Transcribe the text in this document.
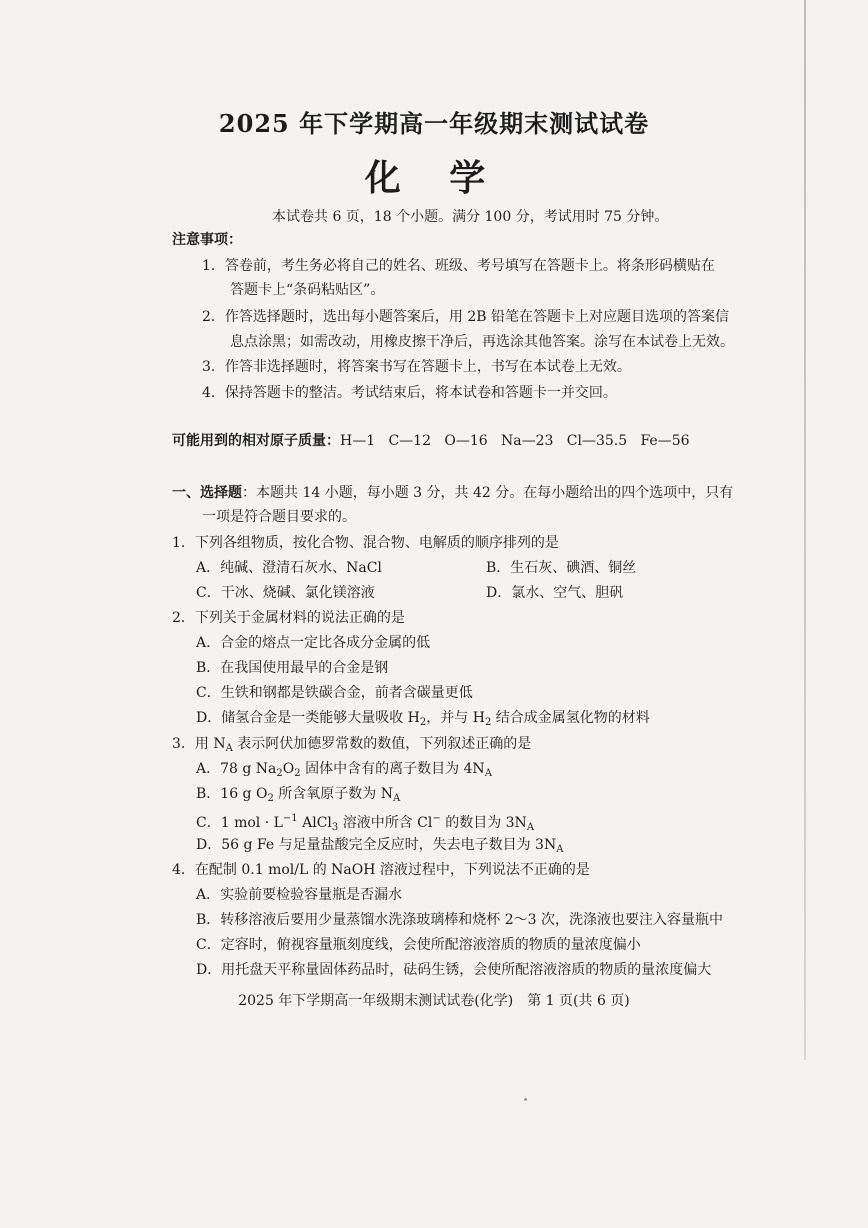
2025 年下学期高一年级期末测试试卷
化 学
本试卷共 6 页，18 个小题。满分 100 分，考试用时 75 分钟。
注意事项：
1．答卷前，考生务必将自己的姓名、班级、考号填写在答题卡上。将条形码横贴在
答题卡上“条码粘贴区”。
2．作答选择题时，选出每小题答案后，用 2B 铅笔在答题卡上对应题目选项的答案信
息点涂黑；如需改动，用橡皮擦干净后，再选涂其他答案。涂写在本试卷上无效。
3．作答非选择题时，将答案书写在答题卡上，书写在本试卷上无效。
4．保持答题卡的整洁。考试结束后，将本试卷和答题卡一并交回。
可能用到的相对原子质量：H—1   C—12   O—16   Na—23   Cl—35.5   Fe—56
一、选择题：本题共 14 小题，每小题 3 分，共 42 分。在每小题给出的四个选项中，只有
一项是符合题目要求的。
1．下列各组物质，按化合物、混合物、电解质的顺序排列的是
A．纯碱、澄清石灰水、NaCl	B．生石灰、碘酒、铜丝
C．干冰、烧碱、氯化镁溶液	D．氯水、空气、胆矾
2．下列关于金属材料的说法正确的是
A．合金的熔点一定比各成分金属的低
B．在我国使用最早的合金是钢
C．生铁和钢都是铁碳合金，前者含碳量更低
D．储氢合金是一类能够大量吸收 $H_2$，并与 $H_2$ 结合成金属氢化物的材料
3．用 $N_A$ 表示阿伏加德罗常数的数值，下列叙述正确的是
A．78 g $Na_2O_2$ 固体中含有的离子数目为 $4N_A$
B．16 g $O_2$ 所含氧原子数为 $N_A$
C．1 mol · $L^{-1}$ AlCl$_3$ 溶液中所含 Cl− 的数目为 $3N_A$
D．56 g Fe 与足量盐酸完全反应时，失去电子数目为 $3N_A$
4．在配制 0.1 mol/L 的 NaOH 溶液过程中，下列说法不正确的是
A．实验前要检验容量瓶是否漏水
B．转移溶液后要用少量蒸馏水洗涤玻璃棒和烧杯 2～3 次，洗涤液也要注入容量瓶中
C．定容时，俯视容量瓶刻度线，会使所配溶液溶质的物质的量浓度偏小
D．用托盘天平称量固体药品时，砝码生锈，会使所配溶液溶质的物质的量浓度偏大
2025 年下学期高一年级期末测试试卷(化学)　第 1 页(共 6 页)
